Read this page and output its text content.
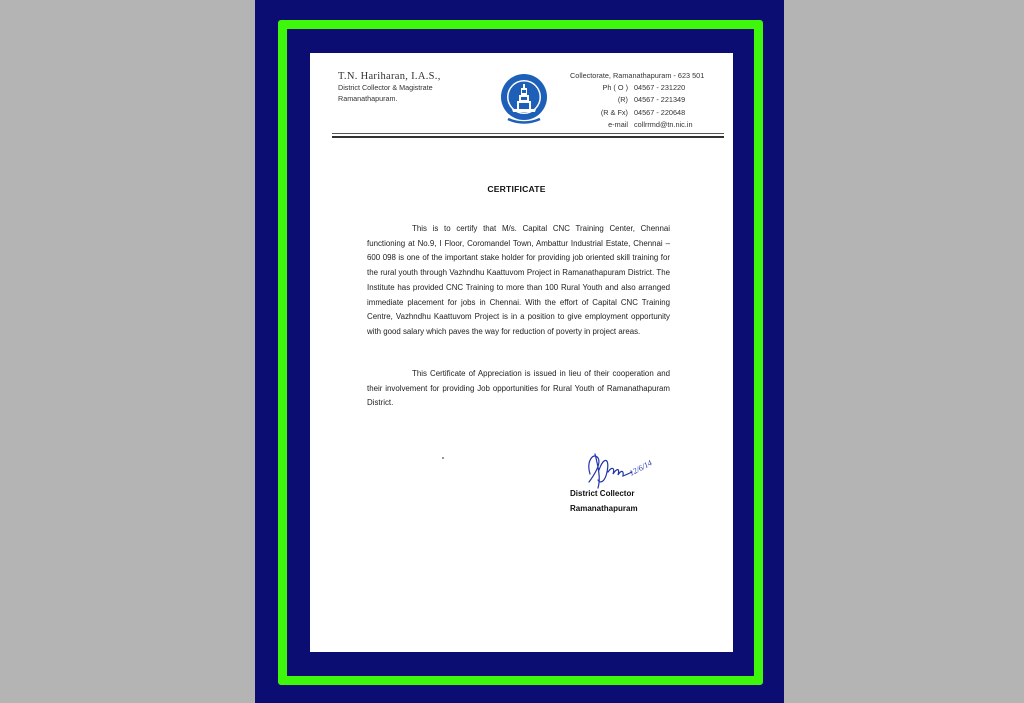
T.N. Hariharan, I.A.S.,
District Collector & Magistrate
Ramanathapuram.
Collectorate, Ramanathapuram - 623 501
Ph ( O ) 04567 - 231220
(R) 04567 - 221349
(R & Fx) 04567 - 220648
e-mail collrrmd@tn.nic.in
CERTIFICATE
This is to certify that M/s. Capital CNC Training Center, Chennai functioning at No.9, I Floor, Coromandel Town, Ambattur Industrial Estate, Chennai – 600 098 is one of the important stake holder for providing job oriented skill training for the rural youth through Vazhndhu Kaattuvom Project in Ramanathapuram District. The Institute has provided CNC Training to more than 100 Rural Youth and also arranged immediate placement for jobs in Chennai. With the effort of Capital CNC Training Centre, Vazhndhu Kaattuvom Project is in a position to give employment opportunity with good salary which paves the way for reduction of poverty in project areas.
This Certificate of Appreciation is issued in lieu of their cooperation and their involvement for providing Job opportunities for Rural Youth of Ramanathapuram District.
12/6/14
District Collector
Ramanathapuram
